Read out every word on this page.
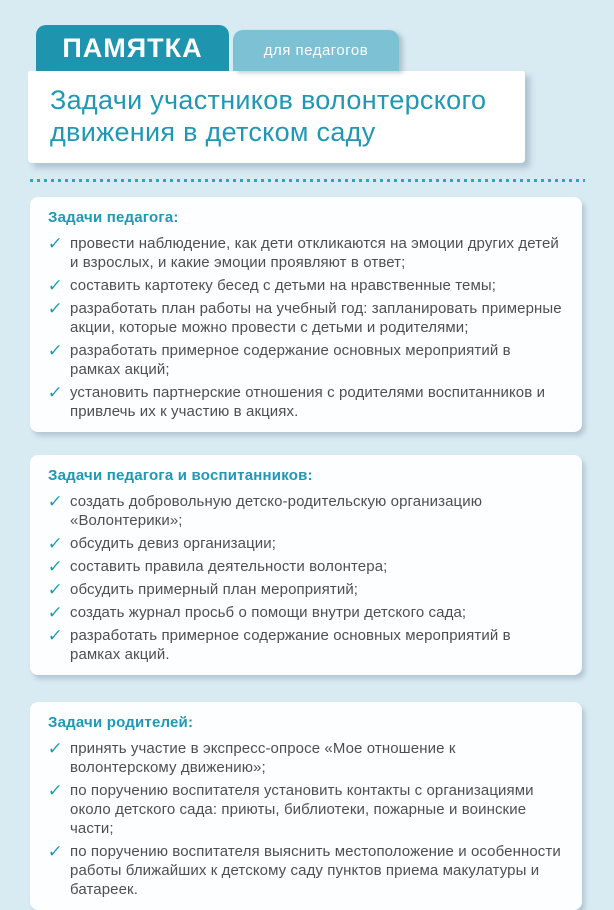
ПАМЯТКА	для педагогов
Задачи участников волонтерского движения в детском саду
Задачи педагога:
✓ провести наблюдение, как дети откликаются на эмоции других детей и взрослых, и какие эмоции проявляют в ответ;
✓ составить картотеку бесед с детьми на нравственные темы;
✓ разработать план работы на учебный год: запланировать примерные акции, которые можно провести с детьми и родителями;
✓ разработать примерное содержание основных мероприятий в рамках акций;
✓ установить партнерские отношения с родителями воспитанников и привлечь их к участию в акциях.
Задачи педагога и воспитанников:
✓ создать добровольную детско-родительскую организацию «Волонтерики»;
✓ обсудить девиз организации;
✓ составить правила деятельности волонтера;
✓ обсудить примерный план мероприятий;
✓ создать журнал просьб о помощи внутри детского сада;
✓ разработать примерное содержание основных мероприятий в рамках акций.
Задачи родителей:
✓ принять участие в экспресс-опросе «Мое отношение к волонтерскому движению»;
✓ по поручению воспитателя установить контакты с организациями около детского сада: приюты, библиотеки, пожарные и воинские части;
✓ по поручению воспитателя выяснить местоположение и особенности работы ближайших к детскому саду пунктов приема макулатуры и батареек.
